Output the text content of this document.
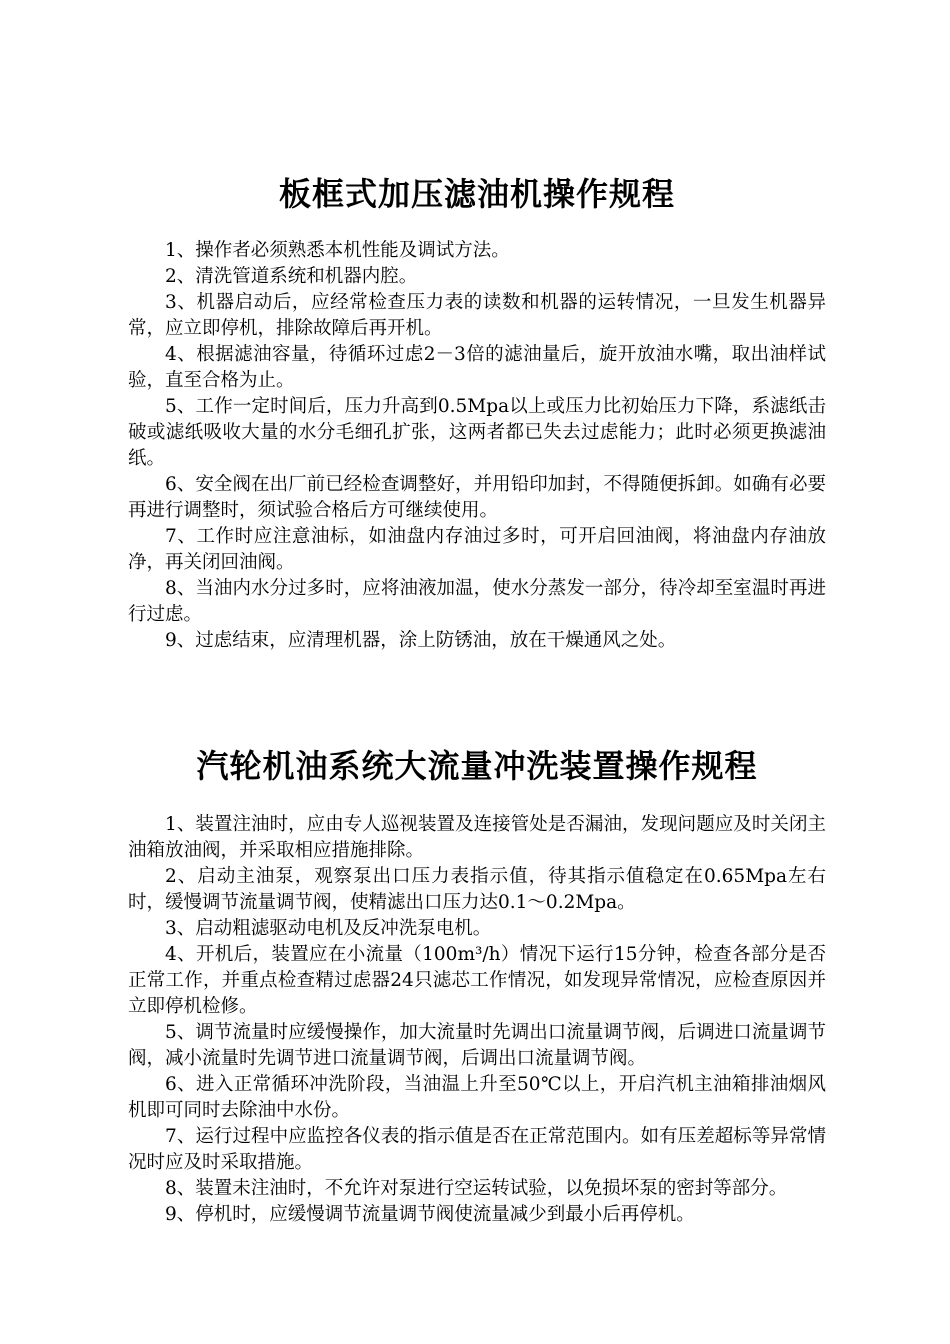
板框式加压滤油机操作规程

1、操作者必须熟悉本机性能及调试方法。

2、清洗管道系统和机器内腔。

3、机器启动后，应经常检查压力表的读数和机器的运转情况，一旦发生机器异常，应立即停机，排除故障后再开机。

4、根据滤油容量，待循环过虑2－3倍的滤油量后，旋开放油水嘴，取出油样试验，直至合格为止。

5、工作一定时间后，压力升高到0.5Mpa以上或压力比初始压力下降，系滤纸击破或滤纸吸收大量的水分毛细孔扩张，这两者都已失去过虑能力；此时必须更换滤油纸。

6、安全阀在出厂前已经检查调整好，并用铅印加封，不得随便拆卸。如确有必要再进行调整时，须试验合格后方可继续使用。

7、工作时应注意油标，如油盘内存油过多时，可开启回油阀，将油盘内存油放净，再关闭回油阀。

8、当油内水分过多时，应将油液加温，使水分蒸发一部分，待冷却至室温时再进行过虑。

9、过虑结束，应清理机器，涂上防锈油，放在干燥通风之处。

汽轮机油系统大流量冲洗装置操作规程

1、装置注油时，应由专人巡视装置及连接管处是否漏油，发现问题应及时关闭主油箱放油阀，并采取相应措施排除。

2、启动主油泵，观察泵出口压力表指示值，待其指示值稳定在0.65Mpa左右时，缓慢调节流量调节阀，使精滤出口压力达0.1～0.2Mpa。

3、启动粗滤驱动电机及反冲洗泵电机。

4、开机后，装置应在小流量（100m³/h）情况下运行15分钟，检查各部分是否正常工作，并重点检查精过虑器24只滤芯工作情况，如发现异常情况，应检查原因并立即停机检修。

5、调节流量时应缓慢操作，加大流量时先调出口流量调节阀，后调进口流量调节阀，减小流量时先调节进口流量调节阀，后调出口流量调节阀。

6、进入正常循环冲洗阶段，当油温上升至50℃以上，开启汽机主油箱排油烟风机即可同时去除油中水份。

7、运行过程中应监控各仪表的指示值是否在正常范围内。如有压差超标等异常情况时应及时采取措施。

8、装置未注油时，不允许对泵进行空运转试验，以免损坏泵的密封等部分。

9、停机时，应缓慢调节流量调节阀使流量减少到最小后再停机。
